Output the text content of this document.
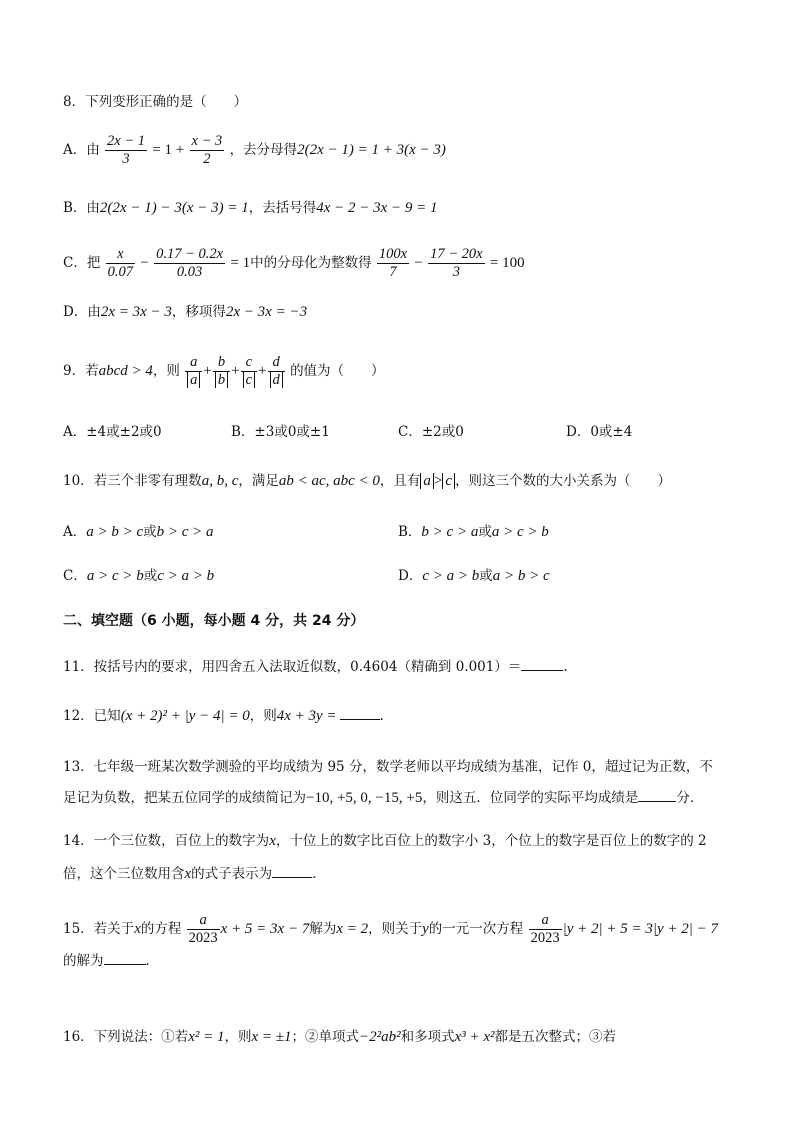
8．下列变形正确的是（　　）
A．由 $\frac{2x - 1}{3} = 1 + \frac{x - 3}{2}$ ，去分母得2(2x − 1) = 1 + 3(x − 3)
B．由2(2x − 1) − 3(x − 3) = 1，去括号得4x − 2 − 3x − 9 = 1
C．把 $\frac{x}{0.07} - \frac{0.17 - 0.2x}{0.03} = 1$中的分母化为整数得 $\frac{100x}{7} - \frac{17 - 20x}{3} = 100$
D．由2x = 3x − 3，移项得2x − 3x = −3
9．若abcd > 4，则 $\frac{a}{a} + \frac{b}{b} + \frac{c}{c} + \frac{d}{d}$ 的值为（　　）
A．±4或±2或0	B．±3或0或±1	C．±2或0	D．0或±4
10．若三个非零有理数a, b, c，满足ab < ac, abc < 0，且有 a > c ，则这三个数的大小关系为（　　）
A．a > b > c或b > c > a	B．b > c > a或a > c > b
C．a > c > b或c > a > b	D．c > a > b或a > b > c
二、填空题（6 小题，每小题 4 分，共 24 分）
11．按括号内的要求，用四舍五入法取近似数，0.4604（精确到 0.001）＝	.
12．已知(x + 2)² + |y − 4| = 0，则4x + 3y =	.
13．七年级一班某次数学测验的平均成绩为 95 分，数学老师以平均成绩为基准，记作 0，超过记为正数，不
足记为负数，把某五位同学的成绩简记为−10, +5, 0, −15, +5，则这五．位同学的实际平均成绩是	分．
14．一个三位数，百位上的数字为x，十位上的数字比百位上的数字小 3，个位上的数字是百位上的数字的 2
倍，这个三位数用含x的式子表示为	．
15．若关于x的方程 $\frac{a}{2023}$ x + 5 = 3x − 7解为x = 2，则关于y的一元一次方程 $\frac{a}{2023} |y + 2| + 5 = 3|y + 2| - 7$
的解为	．
16．下列说法：①若x² = 1，则x = ±1；②单项式−2²ab²和多项式x³ + x²都是五次整式；③若
